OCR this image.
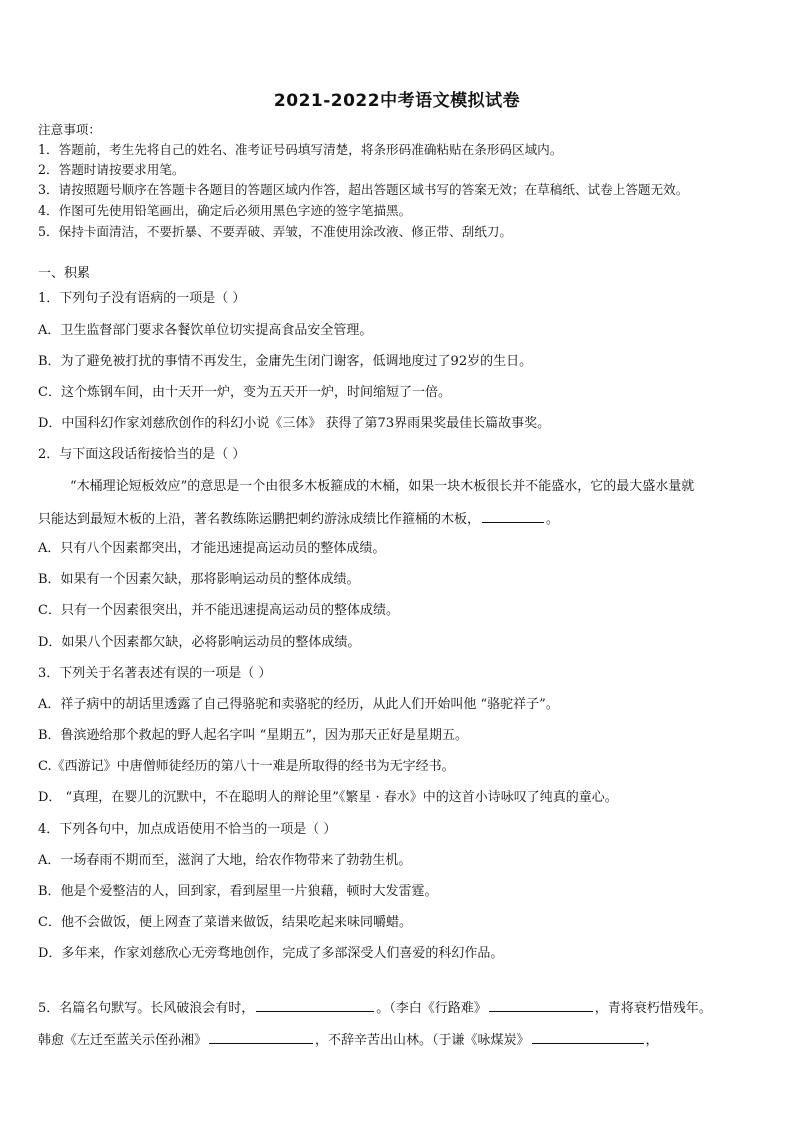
2021-2022中考语文模拟试卷
注意事项：
1．答题前，考生先将自己的姓名、准考证号码填写清楚，将条形码准确粘贴在条形码区域内。
2．答题时请按要求用笔。
3．请按照题号顺序在答题卡各题目的答题区域内作答，超出答题区域书写的答案无效；在草稿纸、试卷上答题无效。
4．作图可先使用铅笔画出，确定后必须用黑色字迹的签字笔描黑。
5．保持卡面清洁，不要折暴、不要弄破、弄皱，不准使用涂改液、修正带、刮纸刀。
一、积累
1．下列句子没有语病的一项是（ ）
A．卫生监督部门要求各餐饮单位切实提高食品安全管理。
B．为了避免被打扰的事情不再发生，金庸先生闭门谢客，低调地度过了92岁的生日。
C．这个炼钢车间，由十天开一炉，变为五天开一炉，时间缩短了一倍。
D．中国科幻作家刘慈欣创作的科幻小说《三体》 获得了第73界雨果奖最佳长篇故事奖。
2．与下面这段话衔接恰当的是（ ）
“木桶理论短板效应”的意思是一个由很多木板箍成的木桶，如果一块木板很长并不能盛水，它的最大盛水量就
只能达到最短木板的上沿，著名教练陈运鹏把刺约游泳成绩比作箍桶的木板，	。
A．只有八个因素都突出，才能迅速提高运动员的整体成绩。
B．如果有一个因素欠缺，那将影响运动员的整体成绩。
C．只有一个因素很突出，并不能迅速提高运动员的整体成绩。
D．如果八个因素都欠缺，必将影响运动员的整体成绩。
3．下列关于名著表述有误的一项是（ ）
A．祥子病中的胡话里透露了自己得骆驼和卖骆驼的经历，从此人们开始叫他 “骆驼祥子”。
B．鲁滨逊给那个救起的野人起名字叫 “星期五”，因为那天正好是星期五。
C.《西游记》中唐僧师徒经历的第八十一难是所取得的经书为无字经书。
D． “真理，在婴儿的沉默中，不在聪明人的辩论里”《繁星 · 春水》中的这首小诗咏叹了纯真的童心。
4．下列各句中，加点成语使用不恰当的一项是（ ）
A．一场春雨不期而至，滋润了大地，给农作物带来了勃勃生机。
B．他是个爱整洁的人，回到家，看到屋里一片狼藉，顿时大发雷霆。
C．他不会做饭，便上网查了菜谱来做饭，结果吃起来味同嚼蜡。
D．多年来，作家刘慈欣心无旁骛地创作，完成了多部深受人们喜爱的科幻作品。
5．名篇名句默写。长风破浪会有时，	。（李白《行路难》	，青将衰朽惜残年。
韩愈《左迁至蓝关示侄孙湘》	，不辞辛苦出山林。（于谦《咏煤炭》	，
